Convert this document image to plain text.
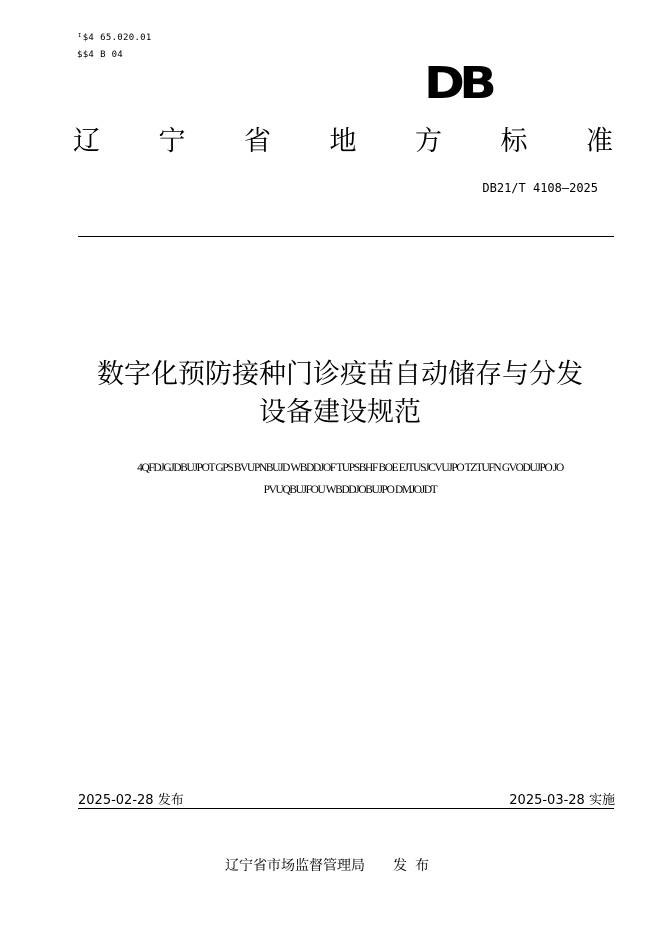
ᴵ$4 65.020.01
$$4 B 04
DB
辽 宁 省 地 方 标 准
DB21/T 4108—2025
数字化预防接种门诊疫苗自动储存与分发
设备建设规范
4QFDJGJDBUJPOT GPS BVUPNBUJD WBDDJOF TUPSBHF BOE EJTUSJCVUJPO TZTUFN GVODUJPO JO
PVUQBUJFOU WBDDJOBUJPO DMJOJDT
2025-02-28 发布	2025-03-28 实施
辽宁省市场监督管理局 发布
